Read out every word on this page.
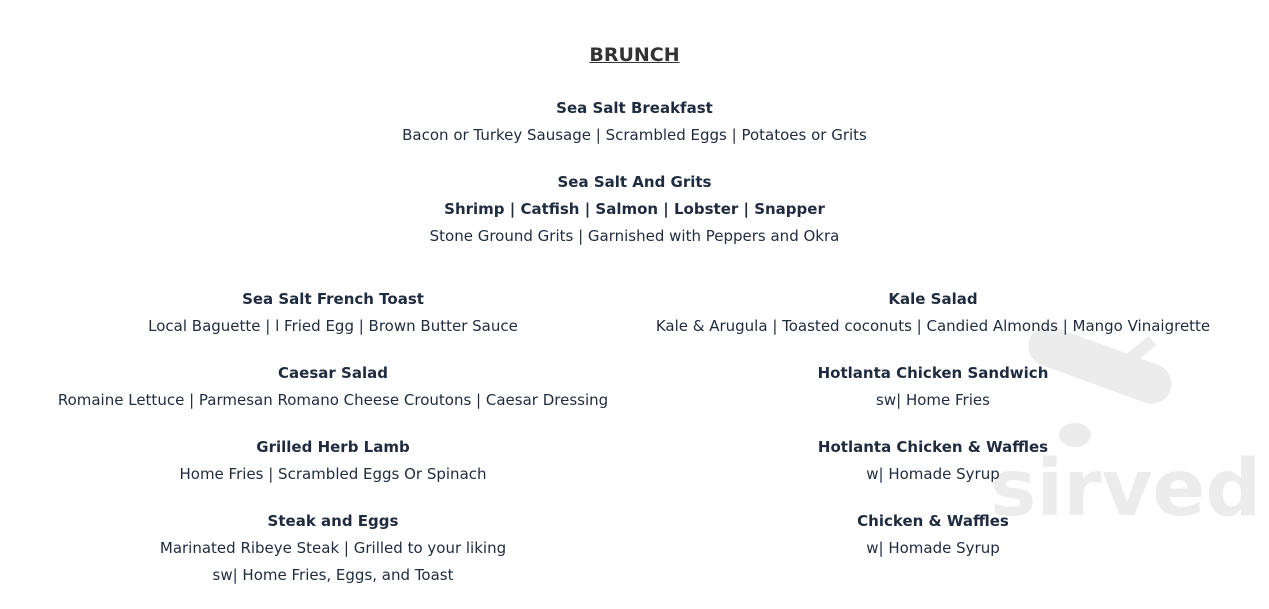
BRUNCH
Sea Salt Breakfast
Bacon or Turkey Sausage | Scrambled Eggs | Potatoes or Grits
Sea Salt And Grits
Shrimp | Catfish | Salmon | Lobster | Snapper
Stone Ground Grits | Garnished with Peppers and Okra
Sea Salt French Toast
Local Baguette | l Fried Egg | Brown Butter Sauce
Caesar Salad
Romaine Lettuce | Parmesan Romano Cheese Croutons | Caesar Dressing
Grilled Herb Lamb
Home Fries | Scrambled Eggs Or Spinach
Steak and Eggs
Marinated Ribeye Steak | Grilled to your liking
sw| Home Fries, Eggs, and Toast
sirved
Kale Salad
Kale & Arugula | Toasted coconuts | Candied Almonds | Mango Vinaigrette
Hotlanta Chicken Sandwich
sw| Home Fries
Hotlanta Chicken & Waffles
w| Homade Syrup
Chicken & Waffles
w| Homade Syrup
